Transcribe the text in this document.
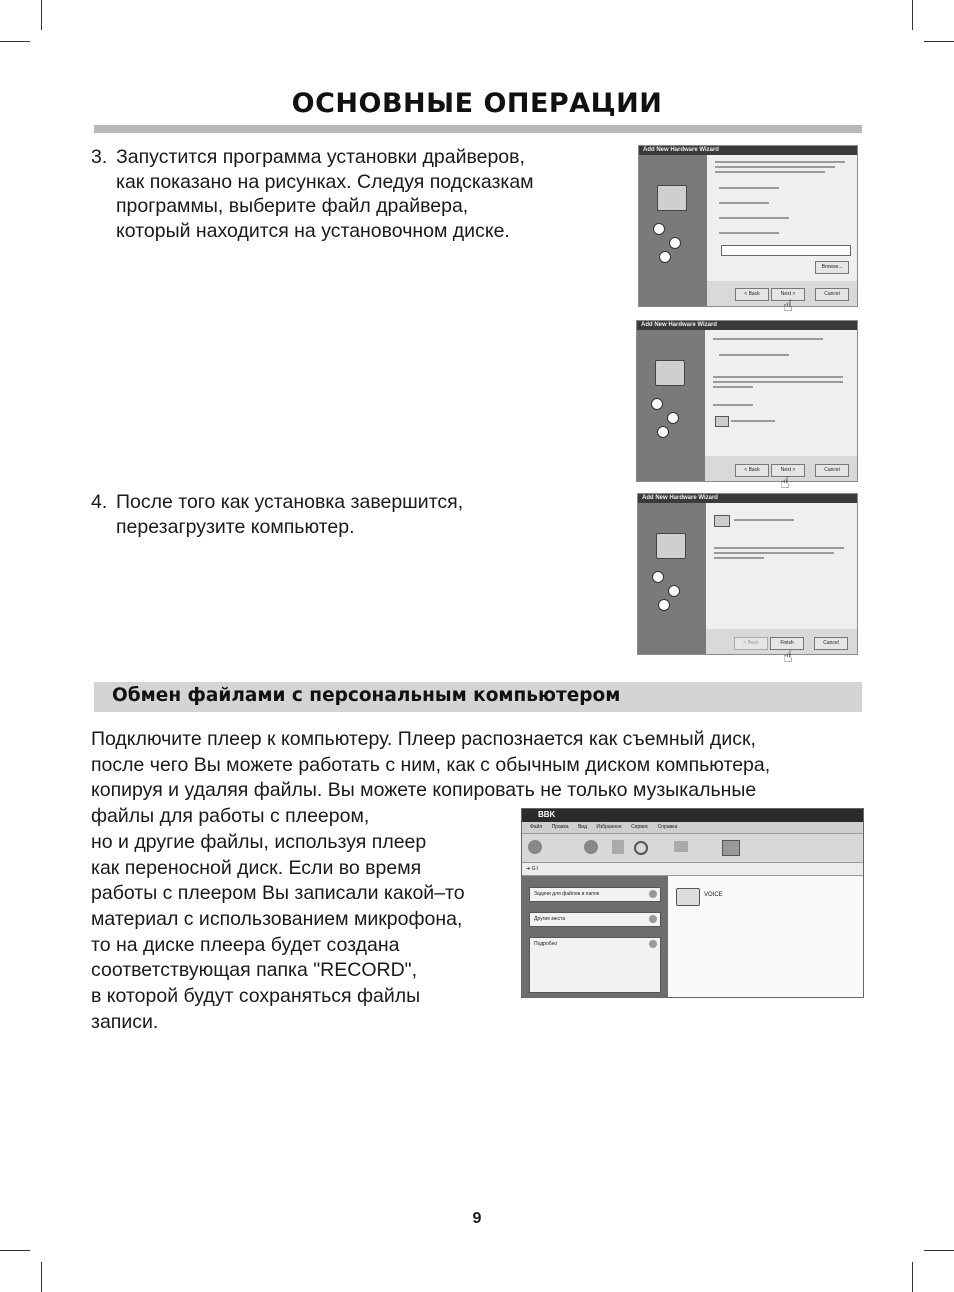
ОСНОВНЫЕ ОПЕРАЦИИ
3. Запустится программа установки драйверов,
как показано на рисунках. Следуя подсказкам
программы, выберите файл драйвера,
который находится на установочном диске.
4. После того как установка завершится,
перезагрузите компьютер.
Add New Hardware Wizard
Browse...
< Back	Next >	Cancel
☝
Add New Hardware Wizard
< Back	Next >	Cancel
☝
Add New Hardware Wizard
< Back	Finish	Cancel
☝
Обмен файлами с персональным компьютером
Подключите плеер к компьютеру. Плеер распознается как съемный диск,
после чего Вы можете работать с ним, как с обычным диском компьютера,
копируя и удаляя файлы. Вы можете копировать не только музыкальные
файлы для работы с плеером,
но и другие файлы, используя плеер
как переносной диск. Если во время
работы с плеером Вы записали какой–то
материал с использованием микрофона,
то на диске плеера будет создана
соответствующая папка "RECORD",
в которой будут сохраняться файлы
записи.
BBK
Файл Правка Вид Избранное Сервис Справка
➜ G:\
Задачи для файлов и папок
Другие места
Подробно
VOICE
9
